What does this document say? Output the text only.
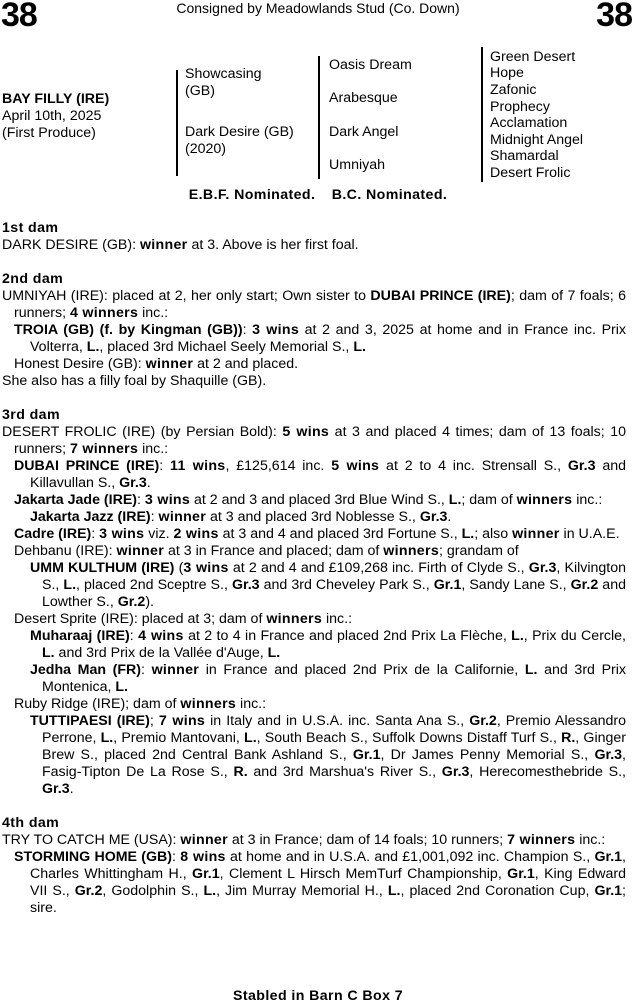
38	Consigned by Meadowlands Stud (Co. Down)	38
BAY FILLY (IRE)
April 10th, 2025
(First Produce)
Showcasing
(GB)
Dark Desire (GB)
(2020)
Oasis Dream
Arabesque
Dark Angel
Umniyah
Green Desert
Hope
Zafonic
Prophecy
Acclamation
Midnight Angel
Shamardal
Desert Frolic
E.B.F. Nominated. B.C. Nominated.
1st dam
DARK DESIRE (GB): winner at 3. Above is her first foal.
2nd dam
UMNIYAH (IRE): placed at 2, her only start; Own sister to DUBAI PRINCE (IRE); dam of 7 foals; 6 runners; 4 winners inc.:
TROIA (GB) (f. by Kingman (GB)): 3 wins at 2 and 3, 2025 at home and in France inc. Prix Volterra, L., placed 3rd Michael Seely Memorial S., L.
Honest Desire (GB): winner at 2 and placed.
She also has a filly foal by Shaquille (GB).
3rd dam
DESERT FROLIC (IRE) (by Persian Bold): 5 wins at 3 and placed 4 times; dam of 13 foals; 10 runners; 7 winners inc.:
DUBAI PRINCE (IRE): 11 wins, £125,614 inc. 5 wins at 2 to 4 inc. Strensall S., Gr.3 and Killavullan S., Gr.3.
Jakarta Jade (IRE): 3 wins at 2 and 3 and placed 3rd Blue Wind S., L.; dam of winners inc.:
Jakarta Jazz (IRE): winner at 3 and placed 3rd Noblesse S., Gr.3.
Cadre (IRE): 3 wins viz. 2 wins at 3 and 4 and placed 3rd Fortune S., L.; also winner in U.A.E.
Dehbanu (IRE): winner at 3 in France and placed; dam of winners; grandam of
UMM KULTHUM (IRE) (3 wins at 2 and 4 and £109,268 inc. Firth of Clyde S., Gr.3, Kilvington S., L., placed 2nd Sceptre S., Gr.3 and 3rd Cheveley Park S., Gr.1, Sandy Lane S., Gr.2 and Lowther S., Gr.2).
Desert Sprite (IRE): placed at 3; dam of winners inc.:
Muharaaj (IRE): 4 wins at 2 to 4 in France and placed 2nd Prix La Flèche, L., Prix du Cercle, L. and 3rd Prix de la Vallée d'Auge, L.
Jedha Man (FR): winner in France and placed 2nd Prix de la Californie, L. and 3rd Prix Montenica, L.
Ruby Ridge (IRE); dam of winners inc.:
TUTTIPAESI (IRE); 7 wins in Italy and in U.S.A. inc. Santa Ana S., Gr.2, Premio Alessandro Perrone, L., Premio Mantovani, L., South Beach S., Suffolk Downs Distaff Turf S., R., Ginger Brew S., placed 2nd Central Bank Ashland S., Gr.1, Dr James Penny Memorial S., Gr.3, Fasig-Tipton De La Rose S., R. and 3rd Marshua's River S., Gr.3, Herecomesthebride S., Gr.3.
4th dam
TRY TO CATCH ME (USA): winner at 3 in France; dam of 14 foals; 10 runners; 7 winners inc.:
STORMING HOME (GB): 8 wins at home and in U.S.A. and £1,001,092 inc. Champion S., Gr.1, Charles Whittingham H., Gr.1, Clement L Hirsch MemTurf Championship, Gr.1, King Edward VII S., Gr.2, Godolphin S., L., Jim Murray Memorial H., L., placed 2nd Coronation Cup, Gr.1; sire.
Stabled in Barn C Box 7
